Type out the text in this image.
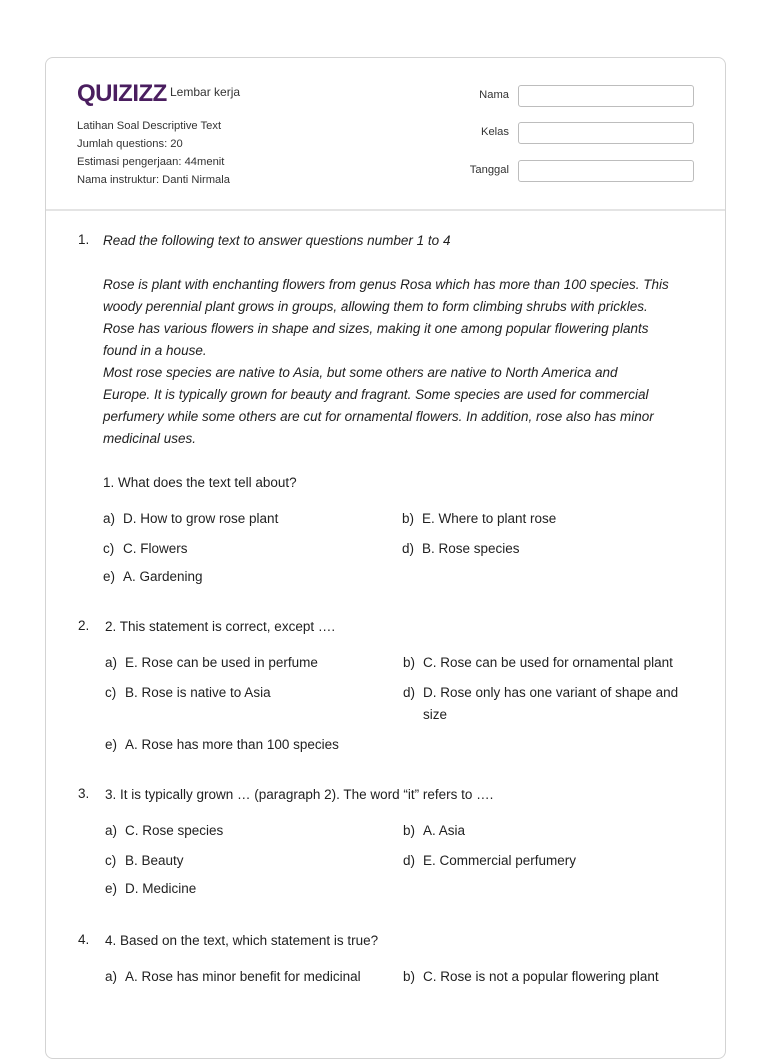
QUIZIZZ Lembar kerja
Latihan Soal Descriptive Text
Jumlah questions: 20
Estimasi pengerjaan: 44menit
Nama instruktur: Danti Nirmala
Nama
Kelas
Tanggal
1. Read the following text to answer questions number 1 to 4
Rose is plant with enchanting flowers from genus Rosa which has more than 100 species. This
woody perennial plant grows in groups, allowing them to form climbing shrubs with prickles.
Rose has various flowers in shape and sizes, making it one among popular flowering plants
found in a house.
Most rose species are native to Asia, but some others are native to North America and
Europe. It is typically grown for beauty and fragrant. Some species are used for commercial
perfumery while some others are cut for ornamental flowers. In addition, rose also has minor
medicinal uses.
1. What does the text tell about?
a) D. How to grow rose plant	b) E. Where to plant rose
c) C. Flowers	d) B. Rose species
e) A. Gardening
2. 2. This statement is correct, except ….
a) E. Rose can be used in perfume	b) C. Rose can be used for ornamental plant
c) B. Rose is native to Asia	d) D. Rose only has one variant of shape and size
e) A. Rose has more than 100 species
3. 3. It is typically grown … (paragraph 2). The word “it” refers to ….
a) C. Rose species	b) A. Asia
c) B. Beauty	d) E. Commercial perfumery
e) D. Medicine
4. 4. Based on the text, which statement is true?
a) A. Rose has minor benefit for medicinal	b) C. Rose is not a popular flowering plant
